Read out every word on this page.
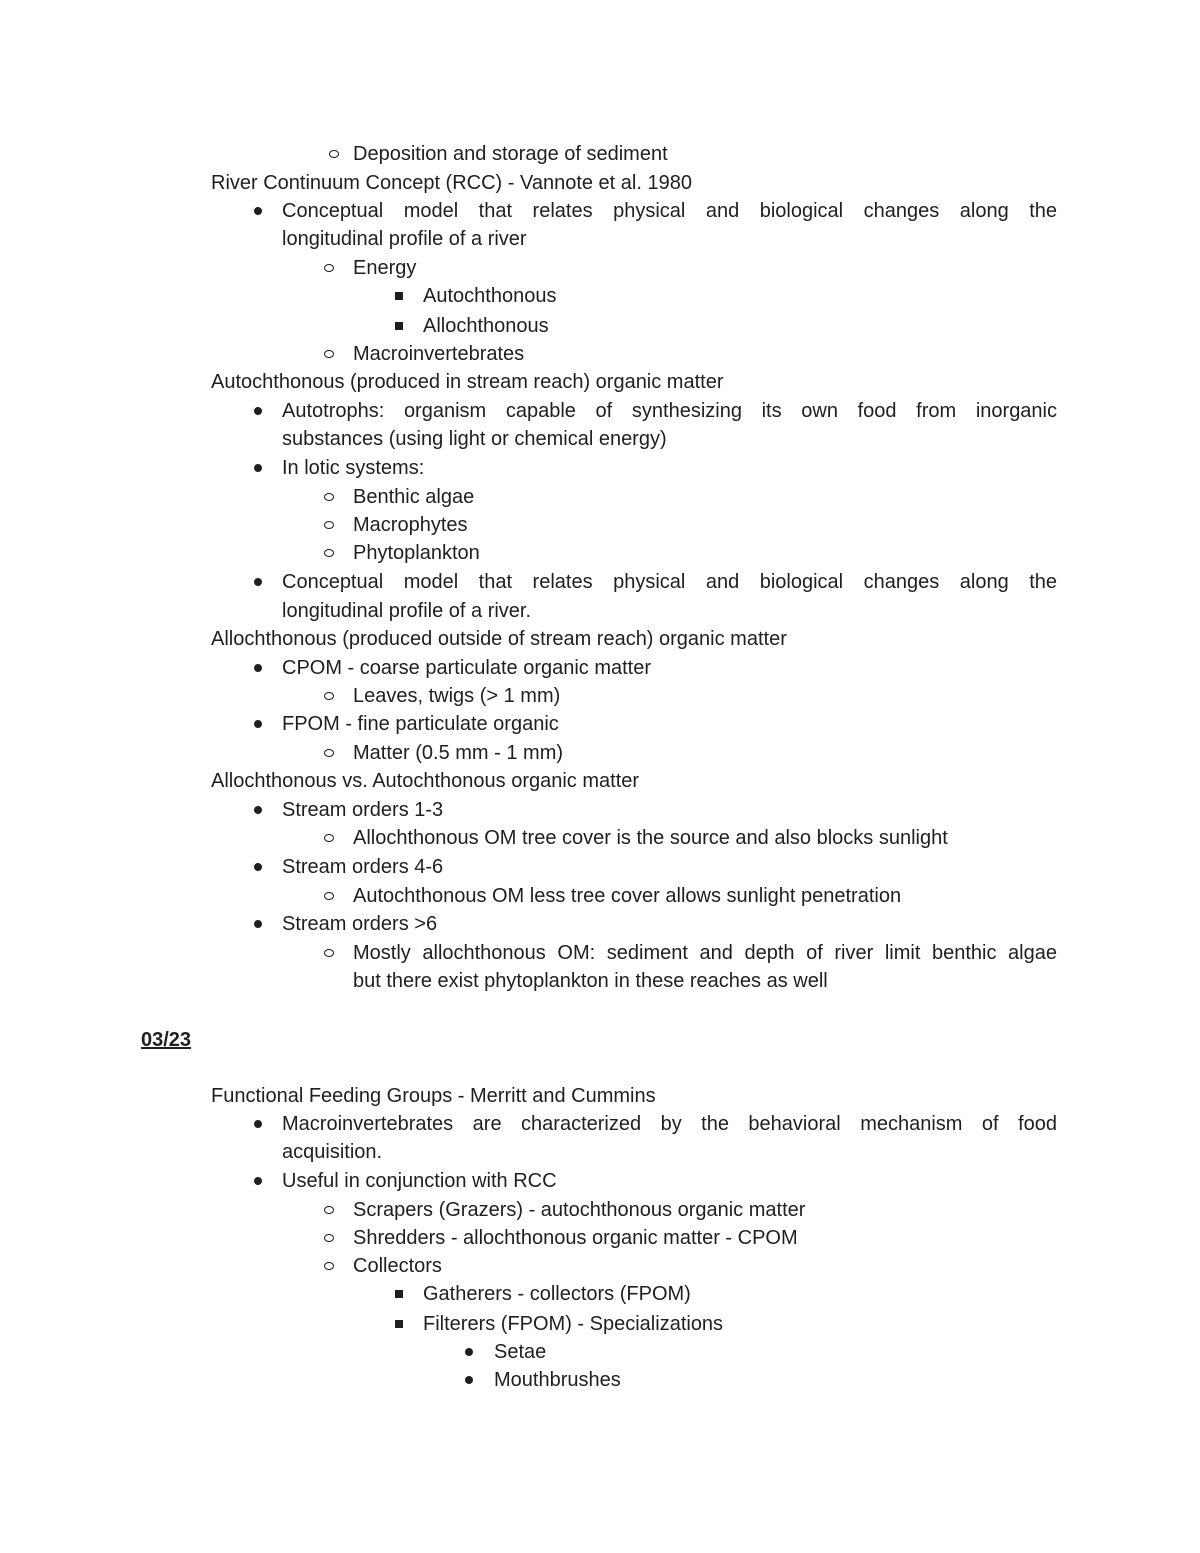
03/23
Deposition and storage of sediment
River Continuum Concept (RCC) - Vannote et al. 1980
Conceptual model that relates physical and biological changes along the
longitudinal profile of a river
Energy
Autochthonous
Allochthonous
Macroinvertebrates
Autochthonous (produced in stream reach) organic matter
Autotrophs: organism capable of synthesizing its own food from inorganic
substances (using light or chemical energy)
In lotic systems:
Benthic algae
Macrophytes
Phytoplankton
Conceptual model that relates physical and biological changes along the
longitudinal profile of a river.
Allochthonous (produced outside of stream reach) organic matter
CPOM - coarse particulate organic matter
Leaves, twigs (> 1 mm)
FPOM - fine particulate organic
Matter (0.5 mm - 1 mm)
Allochthonous vs. Autochthonous organic matter
Stream orders 1-3
Allochthonous OM tree cover is the source and also blocks sunlight
Stream orders 4-6
Autochthonous OM less tree cover allows sunlight penetration
Stream orders >6
Mostly allochthonous OM: sediment and depth of river limit benthic algae
but there exist phytoplankton in these reaches as well
Functional Feeding Groups - Merritt and Cummins
Macroinvertebrates are characterized by the behavioral mechanism of food
acquisition.
Useful in conjunction with RCC
Scrapers (Grazers) - autochthonous organic matter
Shredders - allochthonous organic matter - CPOM
Collectors
Gatherers - collectors (FPOM)
Filterers (FPOM) - Specializations
Setae
Mouthbrushes
